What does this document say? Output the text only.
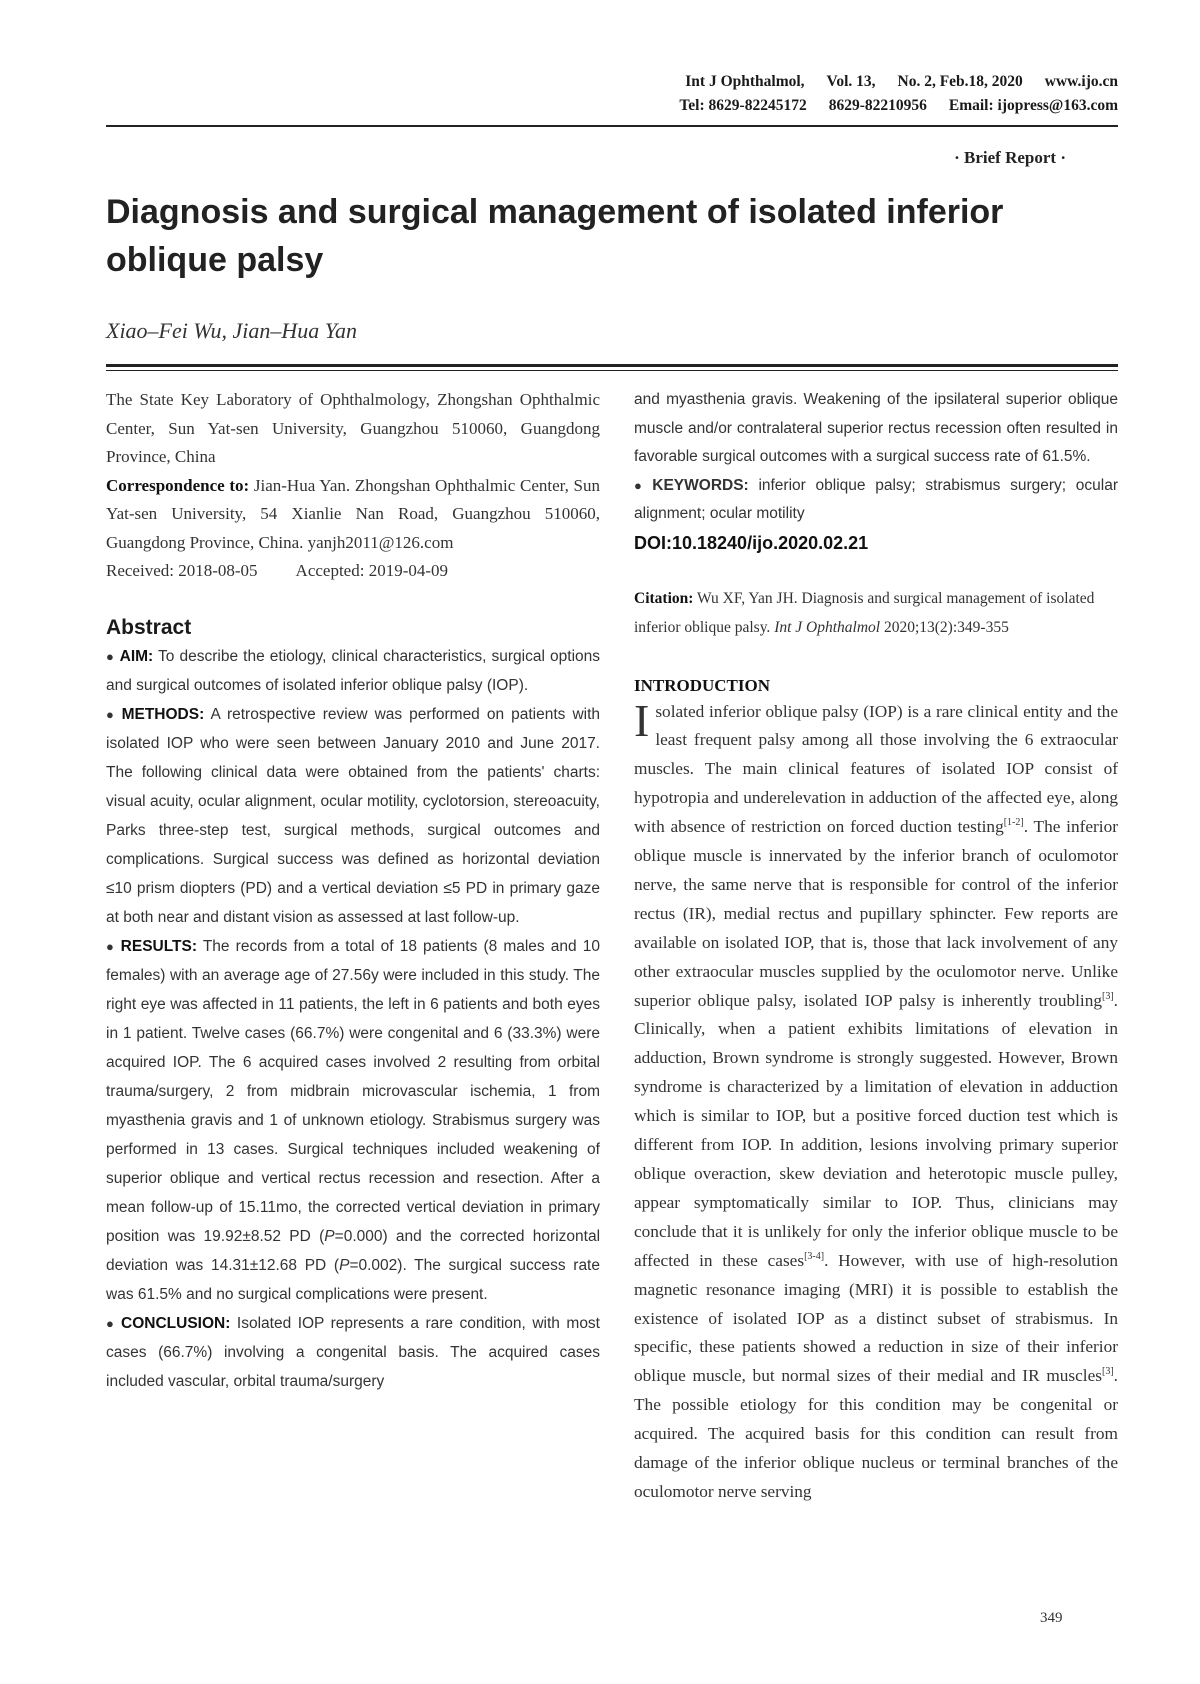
Int J Ophthalmol, Vol. 13, No. 2, Feb.18, 2020 www.ijo.cn
Tel: 8629-82245172 8629-82210956 Email: ijopress@163.com
· Brief Report ·
Diagnosis and surgical management of isolated inferior oblique palsy
Xiao–Fei Wu, Jian–Hua Yan

The State Key Laboratory of Ophthalmology, Zhongshan Ophthalmic Center, Sun Yat-sen University, Guangzhou 510060, Guangdong Province, China

Correspondence to: Jian-Hua Yan. Zhongshan Ophthalmic Center, Sun Yat-sen University, 54 Xianlie Nan Road, Guangzhou 510060, Guangdong Province, China. yanjh2011@126.com

Received: 2018-08-05 Accepted: 2019-04-09

Abstract

● AIM: To describe the etiology, clinical characteristics, surgical options and surgical outcomes of isolated inferior oblique palsy (IOP).

● METHODS: A retrospective review was performed on patients with isolated IOP who were seen between January 2010 and June 2017. The following clinical data were obtained from the patients' charts: visual acuity, ocular alignment, ocular motility, cyclotorsion, stereoacuity, Parks three-step test, surgical methods, surgical outcomes and complications. Surgical success was defined as horizontal deviation ≤10 prism diopters (PD) and a vertical deviation ≤5 PD in primary gaze at both near and distant vision as assessed at last follow-up.

● RESULTS: The records from a total of 18 patients (8 males and 10 females) with an average age of 27.56y were included in this study. The right eye was affected in 11 patients, the left in 6 patients and both eyes in 1 patient. Twelve cases (66.7%) were congenital and 6 (33.3%) were acquired IOP. The 6 acquired cases involved 2 resulting from orbital trauma/surgery, 2 from midbrain microvascular ischemia, 1 from myasthenia gravis and 1 of unknown etiology. Strabismus surgery was performed in 13 cases. Surgical techniques included weakening of superior oblique and vertical rectus recession and resection. After a mean follow-up of 15.11mo, the corrected vertical deviation in primary position was 19.92±8.52 PD (P=0.000) and the corrected horizontal deviation was 14.31±12.68 PD (P=0.002). The surgical success rate was 61.5% and no surgical complications were present.

● CONCLUSION: Isolated IOP represents a rare condition, with most cases (66.7%) involving a congenital basis. The acquired cases included vascular, orbital trauma/surgery

and myasthenia gravis. Weakening of the ipsilateral superior oblique muscle and/or contralateral superior rectus recession often resulted in favorable surgical outcomes with a surgical success rate of 61.5%.

● KEYWORDS: inferior oblique palsy; strabismus surgery; ocular alignment; ocular motility

DOI:10.18240/ijo.2020.02.21

Citation: Wu XF, Yan JH. Diagnosis and surgical management of isolated inferior oblique palsy. Int J Ophthalmol 2020;13(2):349-355

INTRODUCTION

Isolated inferior oblique palsy (IOP) is a rare clinical entity and the least frequent palsy among all those involving the 6 extraocular muscles. The main clinical features of isolated IOP consist of hypotropia and underelevation in adduction of the affected eye, along with absence of restriction on forced duction testing[1-2]. The inferior oblique muscle is innervated by the inferior branch of oculomotor nerve, the same nerve that is responsible for control of the inferior rectus (IR), medial rectus and pupillary sphincter. Few reports are available on isolated IOP, that is, those that lack involvement of any other extraocular muscles supplied by the oculomotor nerve. Unlike superior oblique palsy, isolated IOP palsy is inherently troubling[3]. Clinically, when a patient exhibits limitations of elevation in adduction, Brown syndrome is strongly suggested. However, Brown syndrome is characterized by a limitation of elevation in adduction which is similar to IOP, but a positive forced duction test which is different from IOP. In addition, lesions involving primary superior oblique overaction, skew deviation and heterotopic muscle pulley, appear symptomatically similar to IOP. Thus, clinicians may conclude that it is unlikely for only the inferior oblique muscle to be affected in these cases[3-4]. However, with use of high-resolution magnetic resonance imaging (MRI) it is possible to establish the existence of isolated IOP as a distinct subset of strabismus. In specific, these patients showed a reduction in size of their inferior oblique muscle, but normal sizes of their medial and IR muscles[3]. The possible etiology for this condition may be congenital or acquired. The acquired basis for this condition can result from damage of the inferior oblique nucleus or terminal branches of the oculomotor nerve serving

349
